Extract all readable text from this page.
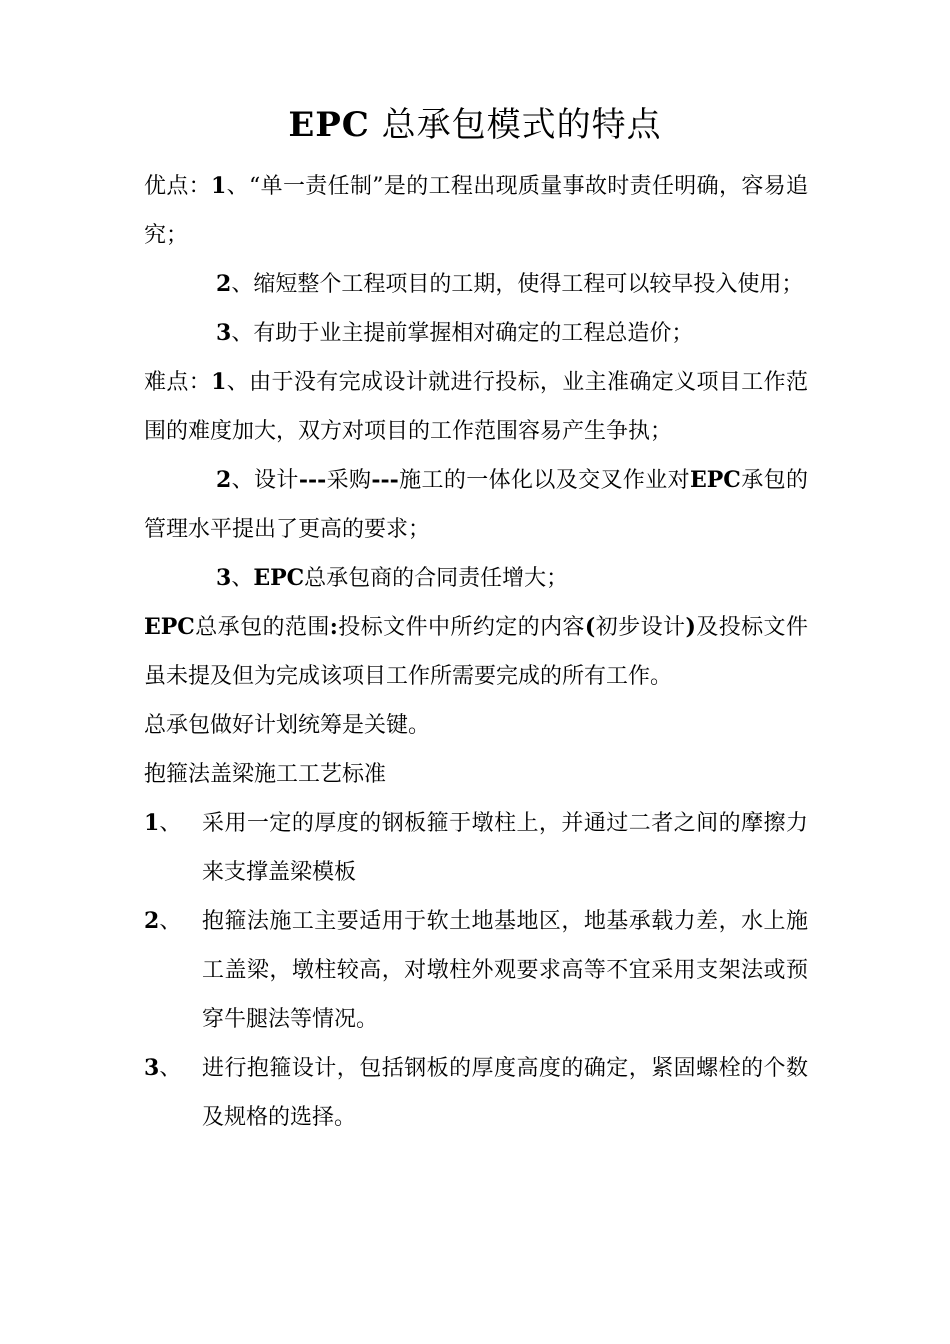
EPC 总承包模式的特点

优点：1、“单一责任制”是的工程出现质量事故时责任明确，容易追究；

2、缩短整个工程项目的工期，使得工程可以较早投入使用；

3、有助于业主提前掌握相对确定的工程总造价；

难点：1、由于没有完成设计就进行投标，业主准确定义项目工作范围的难度加大，双方对项目的工作范围容易产生争执；

2、设计---采购---施工的一体化以及交叉作业对EPC承包的管理水平提出了更高的要求；

3、EPC总承包商的合同责任增大；

EPC总承包的范围:投标文件中所约定的内容(初步设计)及投标文件虽未提及但为完成该项目工作所需要完成的所有工作。

总承包做好计划统筹是关键。

抱箍法盖梁施工工艺标准

1、 采用一定的厚度的钢板箍于墩柱上，并通过二者之间的摩擦力来支撑盖梁模板
2、 抱箍法施工主要适用于软土地基地区，地基承载力差，水上施工盖梁，墩柱较高，对墩柱外观要求高等不宜采用支架法或预穿牛腿法等情况。
3、 进行抱箍设计，包括钢板的厚度高度的确定，紧固螺栓的个数及规格的选择。
